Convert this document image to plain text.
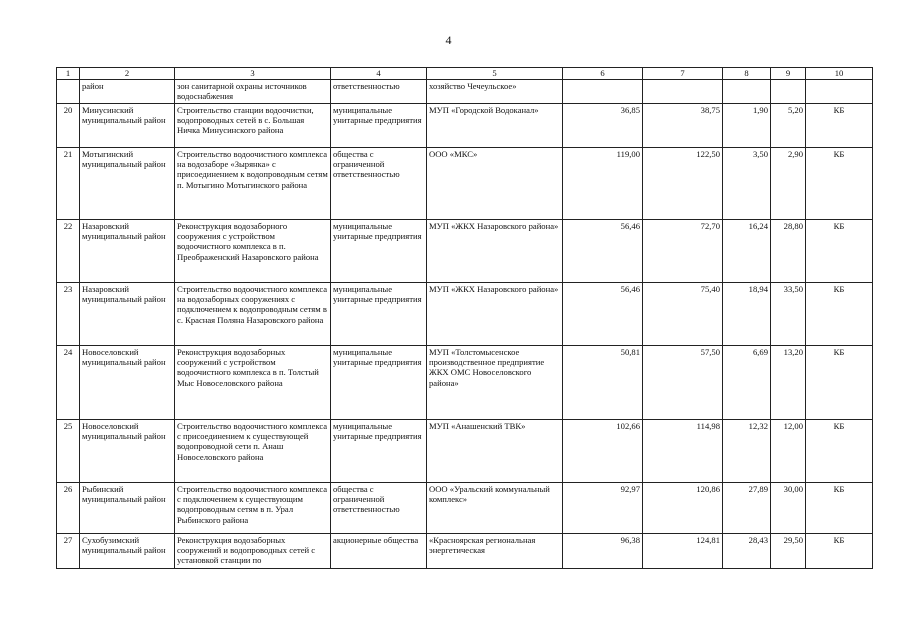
4
1	2	3	4	5	6	7	8	9	10
	район	зон санитарной охраны источников водоснабжения	ответственностью	хозяйство Чечеульское»					
20	Минусинский муниципальный район	Строительство станции водоочистки, водопроводных сетей в с. Большая Ничка Минусинского района	муниципальные унитарные предприятия	МУП «Городской Водоканал»	36,85	38,75	1,90	5,20	КБ
21	Мотыгинский муниципальный район	Строительство водоочистного комплекса на водозаборе «Зырянка» с присоединением к водопроводным сетям п. Мотыгино Мотыгинского района	общества с ограниченной ответственностью	ООО «МКС»	119,00	122,50	3,50	2,90	КБ
22	Назаровский муниципальный район	Реконструкция водозаборного сооружения с устройством водоочистного комплекса в п. Преображенский Назаровского района	муниципальные унитарные предприятия	МУП «ЖКХ Назаровского района»	56,46	72,70	16,24	28,80	КБ
23	Назаровский муниципальный район	Строительство водоочистного комплекса на водозаборных сооружениях с подключением к водопроводным сетям в с. Красная Поляна Назаровского района	муниципальные унитарные предприятия	МУП «ЖКХ Назаровского района»	56,46	75,40	18,94	33,50	КБ
24	Новоселовский муниципальный район	Реконструкция водозаборных сооружений с устройством водоочистного комплекса в п. Толстый Мыс Новоселовского района	муниципальные унитарные предприятия	МУП «Толстомысенское производственное предприятие ЖКХ ОМС Новоселовского района»	50,81	57,50	6,69	13,20	КБ
25	Новоселовский муниципальный район	Строительство водоочистного комплекса с присоединением к существующей водопроводной сети п. Анаш Новоселовского района	муниципальные унитарные предприятия	МУП «Анашенский ТВК»	102,66	114,98	12,32	12,00	КБ
26	Рыбинский муниципальный район	Строительство водоочистного комплекса с подключением к существующим водопроводным сетям в п. Урал Рыбинского района	общества с ограниченной ответственностью	ООО «Уральский коммунальный комплекс»	92,97	120,86	27,89	30,00	КБ
27	Сухобузимский муниципальный район	Реконструкция водозаборных сооружений и водопроводных сетей с установкой станции по	акционерные общества	«Красноярская региональная энергетическая	96,38	124,81	28,43	29,50	КБ
